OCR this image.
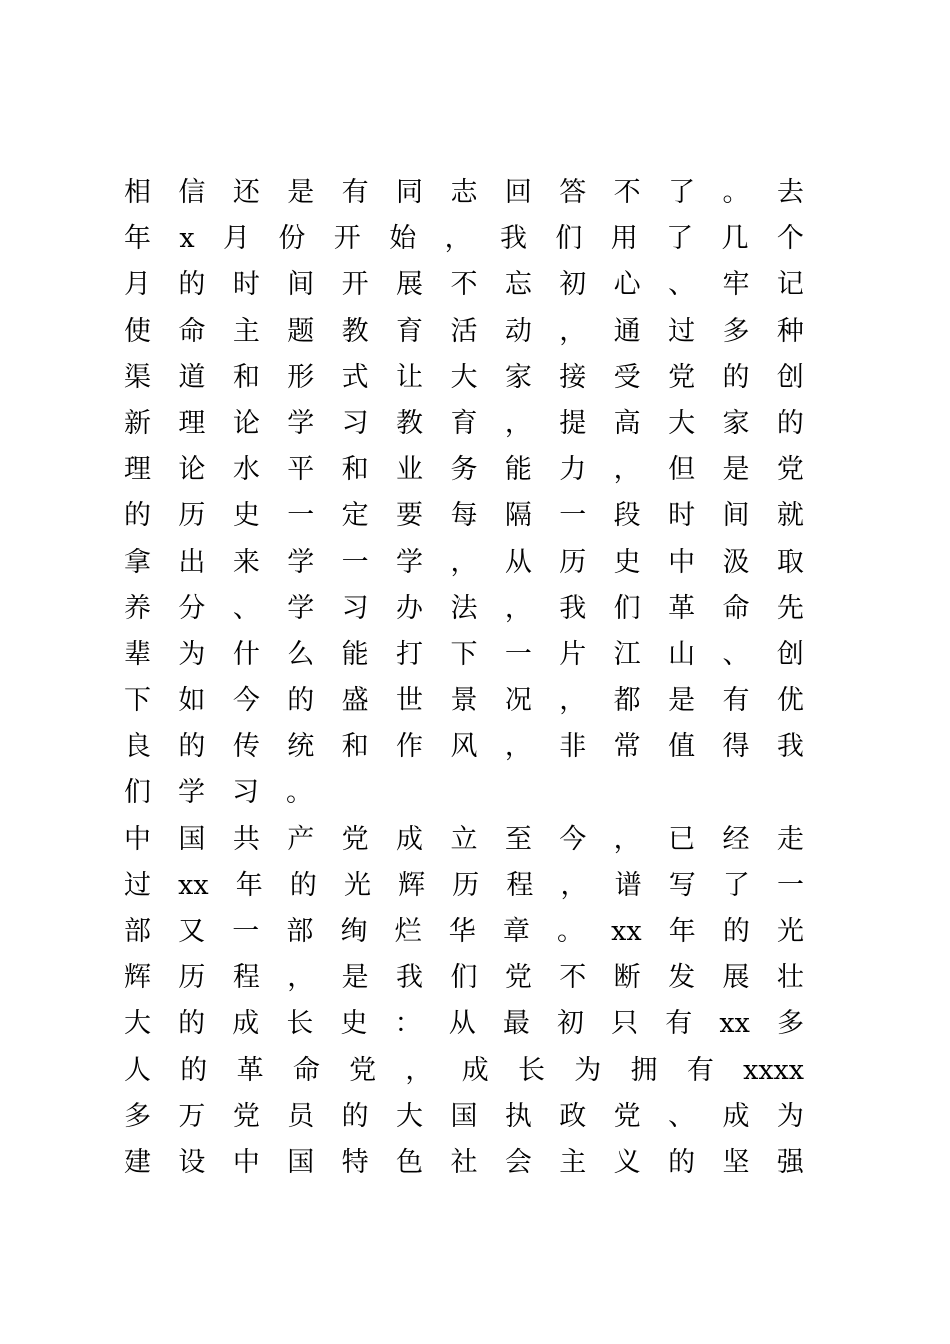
相 信 还 是 有 同 志 回 答 不 了 。 去
年 x 月 份 开 始 ， 我 们 用 了 几 个
月 的 时 间 开 展 不 忘 初 心 、 牢 记
使 命 主 题 教 育 活 动 ， 通 过 多 种
渠 道 和 形 式 让 大 家 接 受 党 的 创
新 理 论 学 习 教 育 ， 提 高 大 家 的
理 论 水 平 和 业 务 能 力 ， 但 是 党
的 历 史 一 定 要 每 隔 一 段 时 间 就
拿 出 来 学 一 学 ， 从 历 史 中 汲 取
养 分 、 学 习 办 法 ， 我 们 革 命 先
辈 为 什 么 能 打 下 一 片 江 山 、 创
下 如 今 的 盛 世 景 况 ， 都 是 有 优
良 的 传 统 和 作 风 ， 非 常 值 得 我
们学习。
中 国 共 产 党 成 立 至 今 ， 已 经 走
过 xx 年 的 光 辉 历 程 ， 谱 写 了 一
部 又 一 部 绚 烂 华 章 。 xx 年 的 光
辉 历 程 ， 是 我 们 党 不 断 发 展 壮
大 的 成 长 史 ： 从 最 初 只 有 xx 多
人 的 革 命 党 ， 成 长 为 拥 有 xxxx
多 万 党 员 的 大 国 执 政 党 、 成 为
建 设 中 国 特 色 社 会 主 义 的 坚 强
